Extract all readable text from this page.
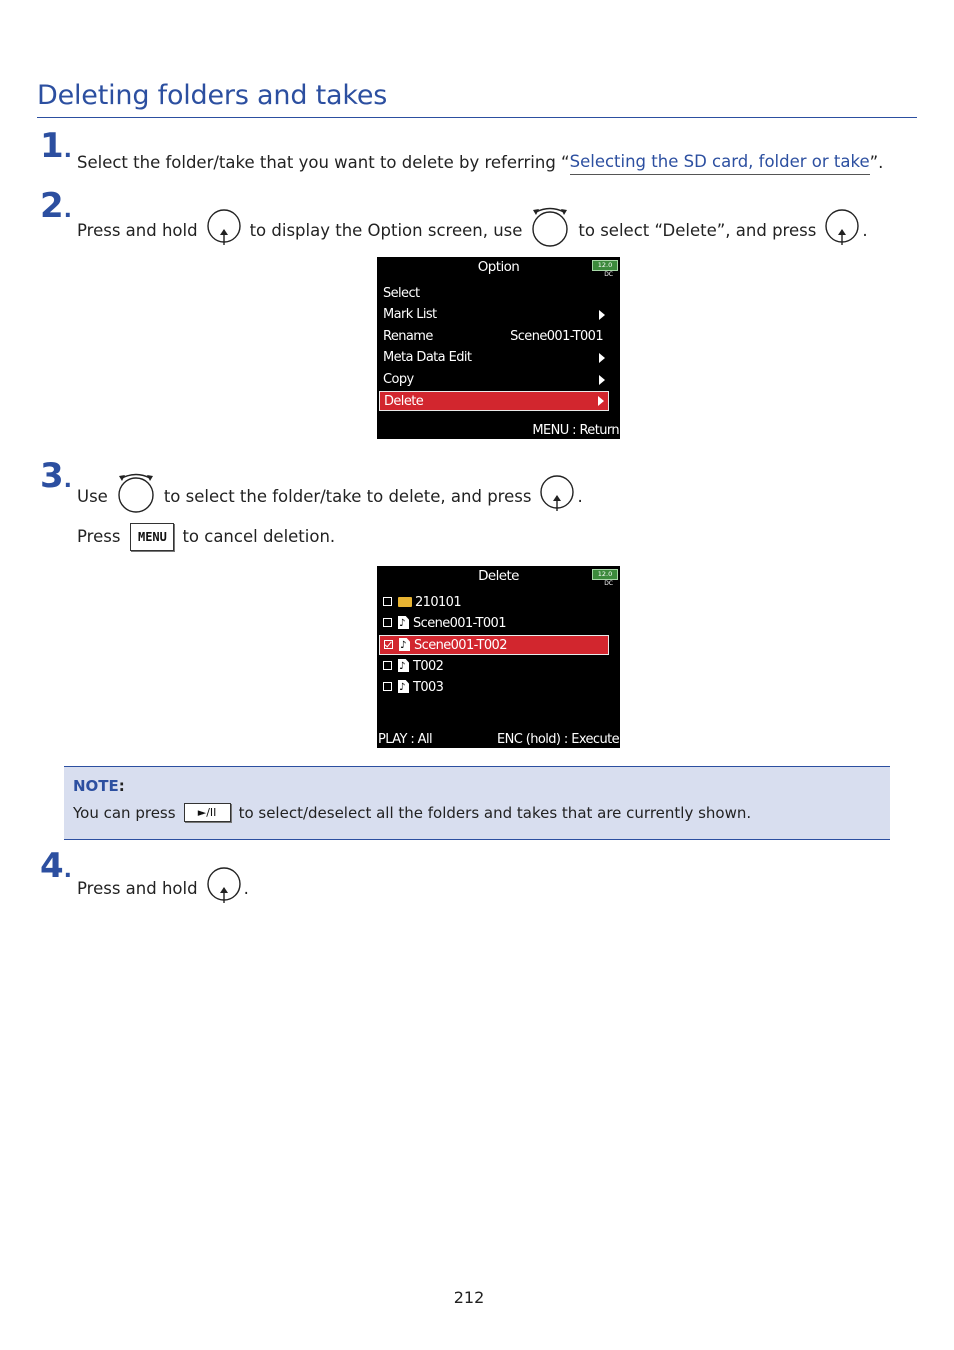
Deleting folders and takes
1. Select the folder/take that you want to delete by referring “ Selecting the SD card, folder or take ”.
2.
Press and hold	to display the Option screen, use	to select “Delete”, and press	.
Option	12.0
DC
Select
Mark List
Rename	Scene001-T001
Meta Data Edit
Copy
Delete
MENU : Return
3.
Use	to select the folder/take to delete, and press	.
Press	MENU to cancel deletion.
Delete	12.0
DC
210101
♪Scene001-T001
♪Scene001-T002
♪T002
♪T003
PLAY : All	ENC (hold) : Execute
NOTE:
You can press	►/II	to select/deselect all the folders and takes that are currently shown.
4.
Press and hold	.
212
